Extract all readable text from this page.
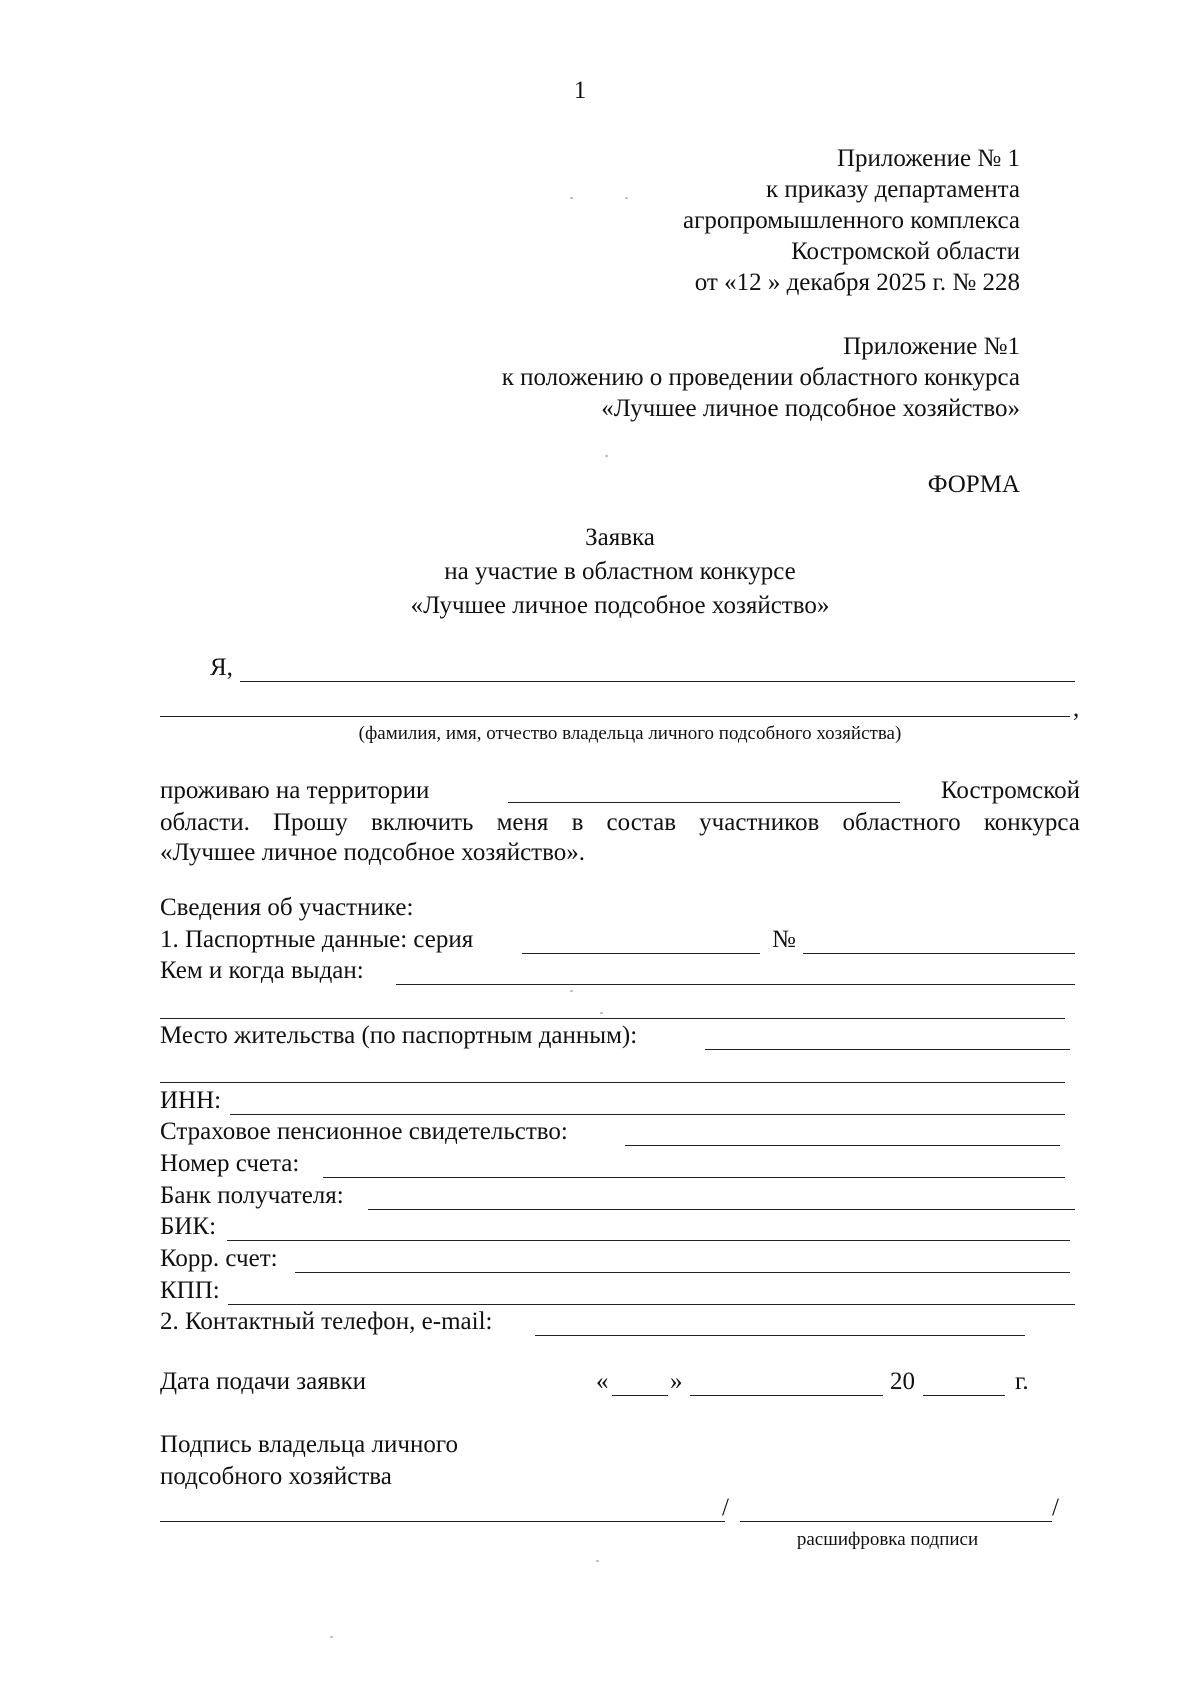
1
Приложение № 1
к приказу департамента
агропромышленного комплекса
Костромской области
от «12 » декабря 2025 г. № 228
Приложение №1
к положению о проведении областного конкурса
«Лучшее личное подсобное хозяйство»
ФОРМА
Заявка
на участие в областном конкурсе
«Лучшее личное подсобное хозяйство»
Я,
,
(фамилия, имя, отчество владельца личного подсобного хозяйства)
проживаю на территории	Костромской
области. Прошу включить меня в состав участников областного конкурса
«Лучшее личное подсобное хозяйство».
Сведения об участнике:
1. Паспортные данные: серия	№
Кем и когда выдан:
Место жительства (по паспортным данным):
ИНН:
Страховое пенсионное свидетельство:
Номер счета:
Банк получателя:
БИК:
Корр. счет:
КПП:
2. Контактный телефон, e-mail:
Дата подачи заявки	« »	20	г.
Подпись владельца личного
подсобного хозяйства
/	/
расшифровка подписи
